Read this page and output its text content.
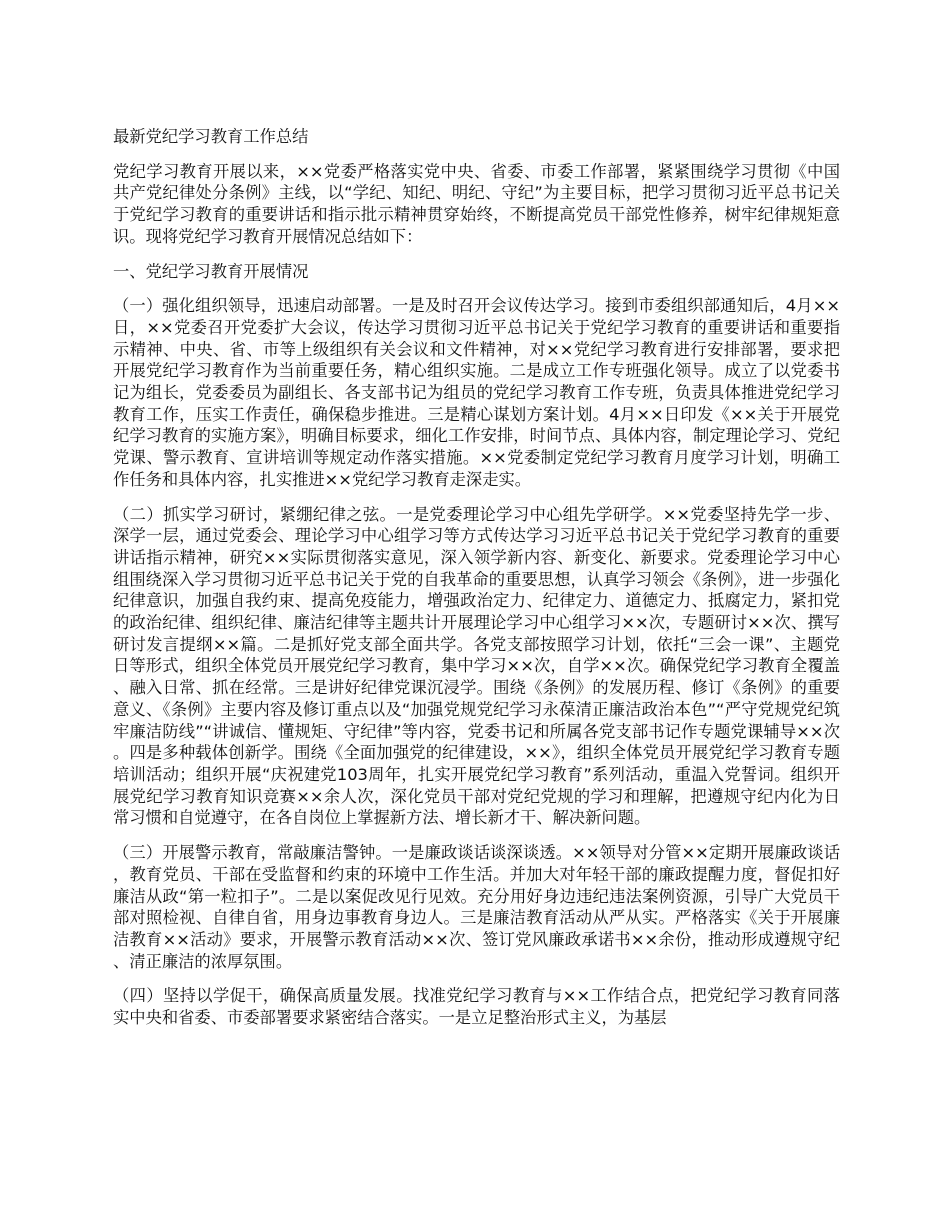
最新党纪学习教育工作总结

党纪学习教育开展以来，××党委严格落实党中央、省委、市委工作部署，紧紧围绕学习贯彻《中国共产党纪律处分条例》主线，以“学纪、知纪、明纪、守纪”为主要目标，把学习贯彻习近平总书记关于党纪学习教育的重要讲话和指示批示精神贯穿始终，不断提高党员干部党性修养，树牢纪律规矩意识。现将党纪学习教育开展情况总结如下：

一、党纪学习教育开展情况

（一）强化组织领导，迅速启动部署。一是及时召开会议传达学习。接到市委组织部通知后，4月××日，××党委召开党委扩大会议，传达学习贯彻习近平总书记关于党纪学习教育的重要讲话和重要指示精神、中央、省、市等上级组织有关会议和文件精神，对××党纪学习教育进行安排部署，要求把开展党纪学习教育作为当前重要任务，精心组织实施。二是成立工作专班强化领导。成立了以党委书记为组长，党委委员为副组长、各支部书记为组员的党纪学习教育工作专班，负责具体推进党纪学习教育工作，压实工作责任，确保稳步推进。三是精心谋划方案计划。4月××日印发《××关于开展党纪学习教育的实施方案》，明确目标要求，细化工作安排，时间节点、具体内容，制定理论学习、党纪党课、警示教育、宣讲培训等规定动作落实措施。××党委制定党纪学习教育月度学习计划，明确工作任务和具体内容，扎实推进××党纪学习教育走深走实。

（二）抓实学习研讨，紧绷纪律之弦。一是党委理论学习中心组先学研学。××党委坚持先学一步、深学一层，通过党委会、理论学习中心组学习等方式传达学习习近平总书记关于党纪学习教育的重要讲话指示精神，研究××实际贯彻落实意见，深入领学新内容、新变化、新要求。党委理论学习中心组围绕深入学习贯彻习近平总书记关于党的自我革命的重要思想，认真学习领会《条例》，进一步强化纪律意识，加强自我约束、提高免疫能力，增强政治定力、纪律定力、道德定力、抵腐定力，紧扣党的政治纪律、组织纪律、廉洁纪律等主题共计开展理论学习中心组学习××次，专题研讨××次、撰写研讨发言提纲××篇。二是抓好党支部全面共学。各党支部按照学习计划，依托“三会一课”、主题党日等形式，组织全体党员开展党纪学习教育，集中学习××次，自学××次。确保党纪学习教育全覆盖、融入日常、抓在经常。三是讲好纪律党课沉浸学。围绕《条例》的发展历程、修订《条例》的重要意义、《条例》主要内容及修订重点以及“加强党规党纪学习永葆清正廉洁政治本色”“严守党规党纪筑牢廉洁防线”“讲诚信、懂规矩、守纪律”等内容，党委书记和所属各党支部书记作专题党课辅导××次。四是多种载体创新学。围绕《全面加强党的纪律建设，××》，组织全体党员开展党纪学习教育专题培训活动；组织开展“庆祝建党103周年，扎实开展党纪学习教育”系列活动，重温入党誓词。组织开展党纪学习教育知识竞赛××余人次，深化党员干部对党纪党规的学习和理解，把遵规守纪内化为日常习惯和自觉遵守，在各自岗位上掌握新方法、增长新才干、解决新问题。

（三）开展警示教育，常敲廉洁警钟。一是廉政谈话谈深谈透。××领导对分管××定期开展廉政谈话，教育党员、干部在受监督和约束的环境中工作生活。并加大对年轻干部的廉政提醒力度，督促扣好廉洁从政“第一粒扣子”。二是以案促改见行见效。充分用好身边违纪违法案例资源，引导广大党员干部对照检视、自律自省，用身边事教育身边人。三是廉洁教育活动从严从实。严格落实《关于开展廉洁教育××活动》要求，开展警示教育活动××次、签订党风廉政承诺书××余份，推动形成遵规守纪、清正廉洁的浓厚氛围。

（四）坚持以学促干，确保高质量发展。找准党纪学习教育与××工作结合点，把党纪学习教育同落实中央和省委、市委部署要求紧密结合落实。一是立足整治形式主义，为基层
